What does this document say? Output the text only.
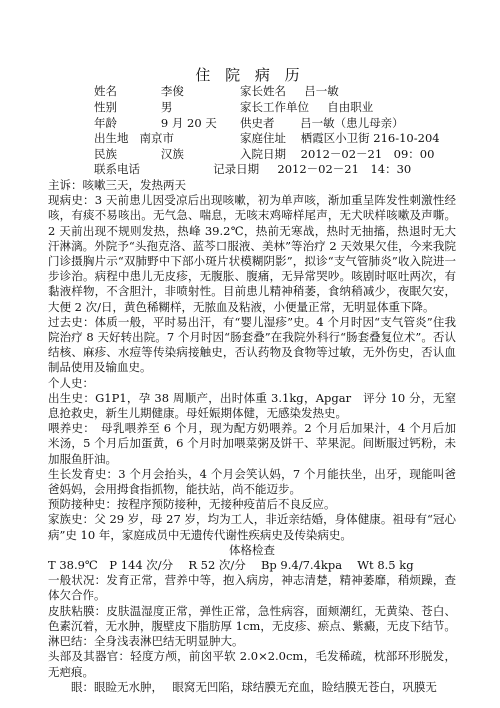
住 院 病 历
姓名	李俊	家长姓名 吕一敏
性别	男	家长工作单位 自由职业
年龄	9 月 20 天 供史者 吕一敏（患儿母亲）
出生地 南京市	家庭住址 栖霞区小卫街 216-10-204
民族	汉族	入院日期 2012－02－21　09：00
联系电话	记录日期 2012－02－21　14：30

主诉：咳嗽三天，发热两天

现病史：3 天前患儿因受凉后出现咳嗽，初为单声咳，渐加重呈阵发性刺激性经咳，有痰不易咳出。无气急、喘息，无咳末鸡啼样尾声，无犬吠样咳嗽及声嘶。2 天前出现不规则发热，热峰 39.2℃，热前无寒战，热时无抽搐，热退时无大汗淋漓。外院予“头孢克洛、蓝芩口服液、美林”等治疗 2 天效果欠佳，今来我院门诊摄胸片示“双肺野中下部小斑片状模糊阴影”，拟诊“支气管肺炎”收入院进一步诊治。病程中患儿无皮疹，无腹胀、腹痛，无异常哭吵。咳剧时呕吐两次，有黏液样物，不含胆汁，非喷射性。目前患儿精神稍萎，食纳稍减少，夜眠欠安，大便 2 次/日，黄色稀糊样，无脓血及粘液，小便量正常，无明显体重下降。

过去史：体质一般，平时易出汗，有“婴儿湿疹”史。4 个月时因“支气管炎”住我院治疗 8 天好转出院。7 个月时因“肠套叠”在我院外科行“肠套叠复位术”。否认结核、麻疹、水痘等传染病接触史，否认药物及食物等过敏，无外伤史，否认血制品使用及输血史。

个人史：

出生史：G1P1，孕 38 周顺产，出时体重 3.1kg，Apgar　评分 10 分，无窒息抢救史，新生儿期健康。母妊娠期体健，无感染发热史。

喂养史：　母乳喂养至 6 个月，现为配方奶喂养。2 个月后加果汁，4 个月后加米汤，5 个月后加蛋黄，6 个月时加喂菜粥及饼干、苹果泥。间断服过钙粉，未加服鱼肝油。

生长发育史：3 个月会抬头，4 个月会笑认妈，7 个月能扶坐，出牙，现能叫爸爸妈妈，会用拇食指抓物，能扶站，尚不能迈步。

预防接种史：按程序预防接种，无接种疫苗后不良反应。

家族史：父 29 岁，母 27 岁，均为工人，非近亲结婚，身体健康。祖母有“冠心病”史 10 年，家庭成员中无遗传代谢性疾病史及传染病史。

体格检查

T 38.9℃　P 144 次/分　 R 52 次/分　 Bp 9.4/7.4kpa　 Wt 8.5 kg

一般状况：发育正常，营养中等，抱入病房，神志清楚，精神萎靡，稍烦躁，查体欠合作。

皮肤粘膜：皮肤温湿度正常，弹性正常，急性病容，面颊潮红，无黄染、苍白、色素沉着，无水肿，腹壁皮下脂肪厚 1cm，无皮疹、瘀点、紫癜，无皮下结节。

淋巴结：全身浅表淋巴结无明显肿大。

头部及其器官：轻度方颅，前囟平软 2.0×2.0cm，毛发稀疏，枕部环形脱发，无疤痕。

　　眼：眼睑无水肿，　 眼窝无凹陷，球结膜无充血，睑结膜无苍白，巩膜无
